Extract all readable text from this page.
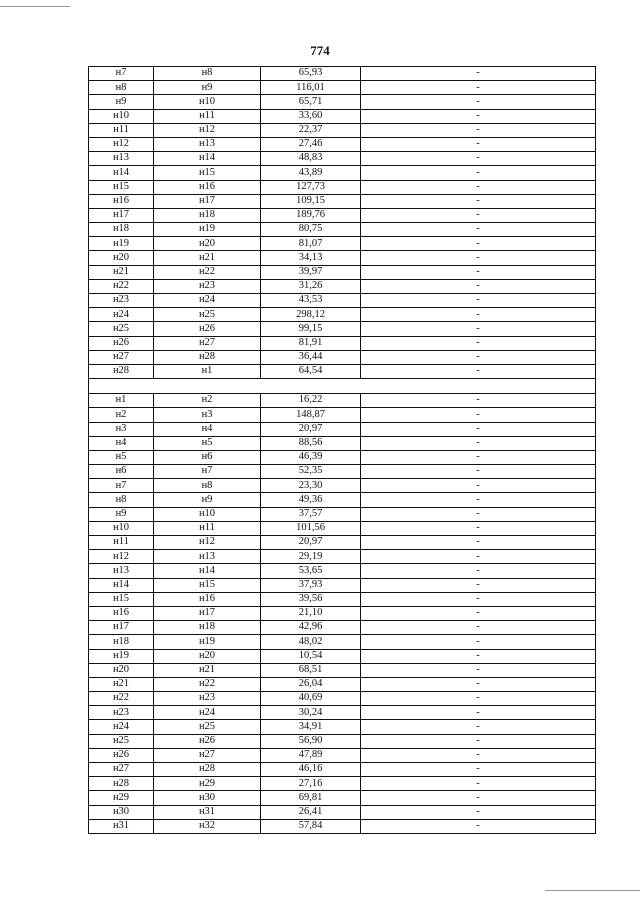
774
н7	н8	65,93	-
н8	н9	116,01	-
н9	н10	65,71	-
н10	н11	33,60	-
н11	н12	22,37	-
н12	н13	27,46	-
н13	н14	48,83	-
н14	н15	43,89	-
н15	н16	127,73	-
н16	н17	109,15	-
н17	н18	189,76	-
н18	н19	80,75	-
н19	н20	81,07	-
н20	н21	34,13	-
н21	н22	39,97	-
н22	н23	31,26	-
н23	н24	43,53	-
н24	н25	298,12	-
н25	н26	99,15	-
н26	н27	81,91	-
н27	н28	36,44	-
н28	н1	64,54	-

н1	н2	16,22	-
н2	н3	148,87	-
н3	н4	20,97	-
н4	н5	88,56	-
н5	н6	46,39	-
н6	н7	52,35	-
н7	н8	23,30	-
н8	н9	49,36	-
н9	н10	37,57	-
н10	н11	101,56	-
н11	н12	20,97	-
н12	н13	29,19	-
н13	н14	53,65	-
н14	н15	37,93	-
н15	н16	39,56	-
н16	н17	21,10	-
н17	н18	42,96	-
н18	н19	48,02	-
н19	н20	10,54	-
н20	н21	68,51	-
н21	н22	26,04	-
н22	н23	40,69	-
н23	н24	30,24	-
н24	н25	34,91	-
н25	н26	56,90	-
н26	н27	47,89	-
н27	н28	46,16	-
н28	н29	27,16	-
н29	н30	69,81	-
н30	н31	26,41	-
н31	н32	57,84	-
